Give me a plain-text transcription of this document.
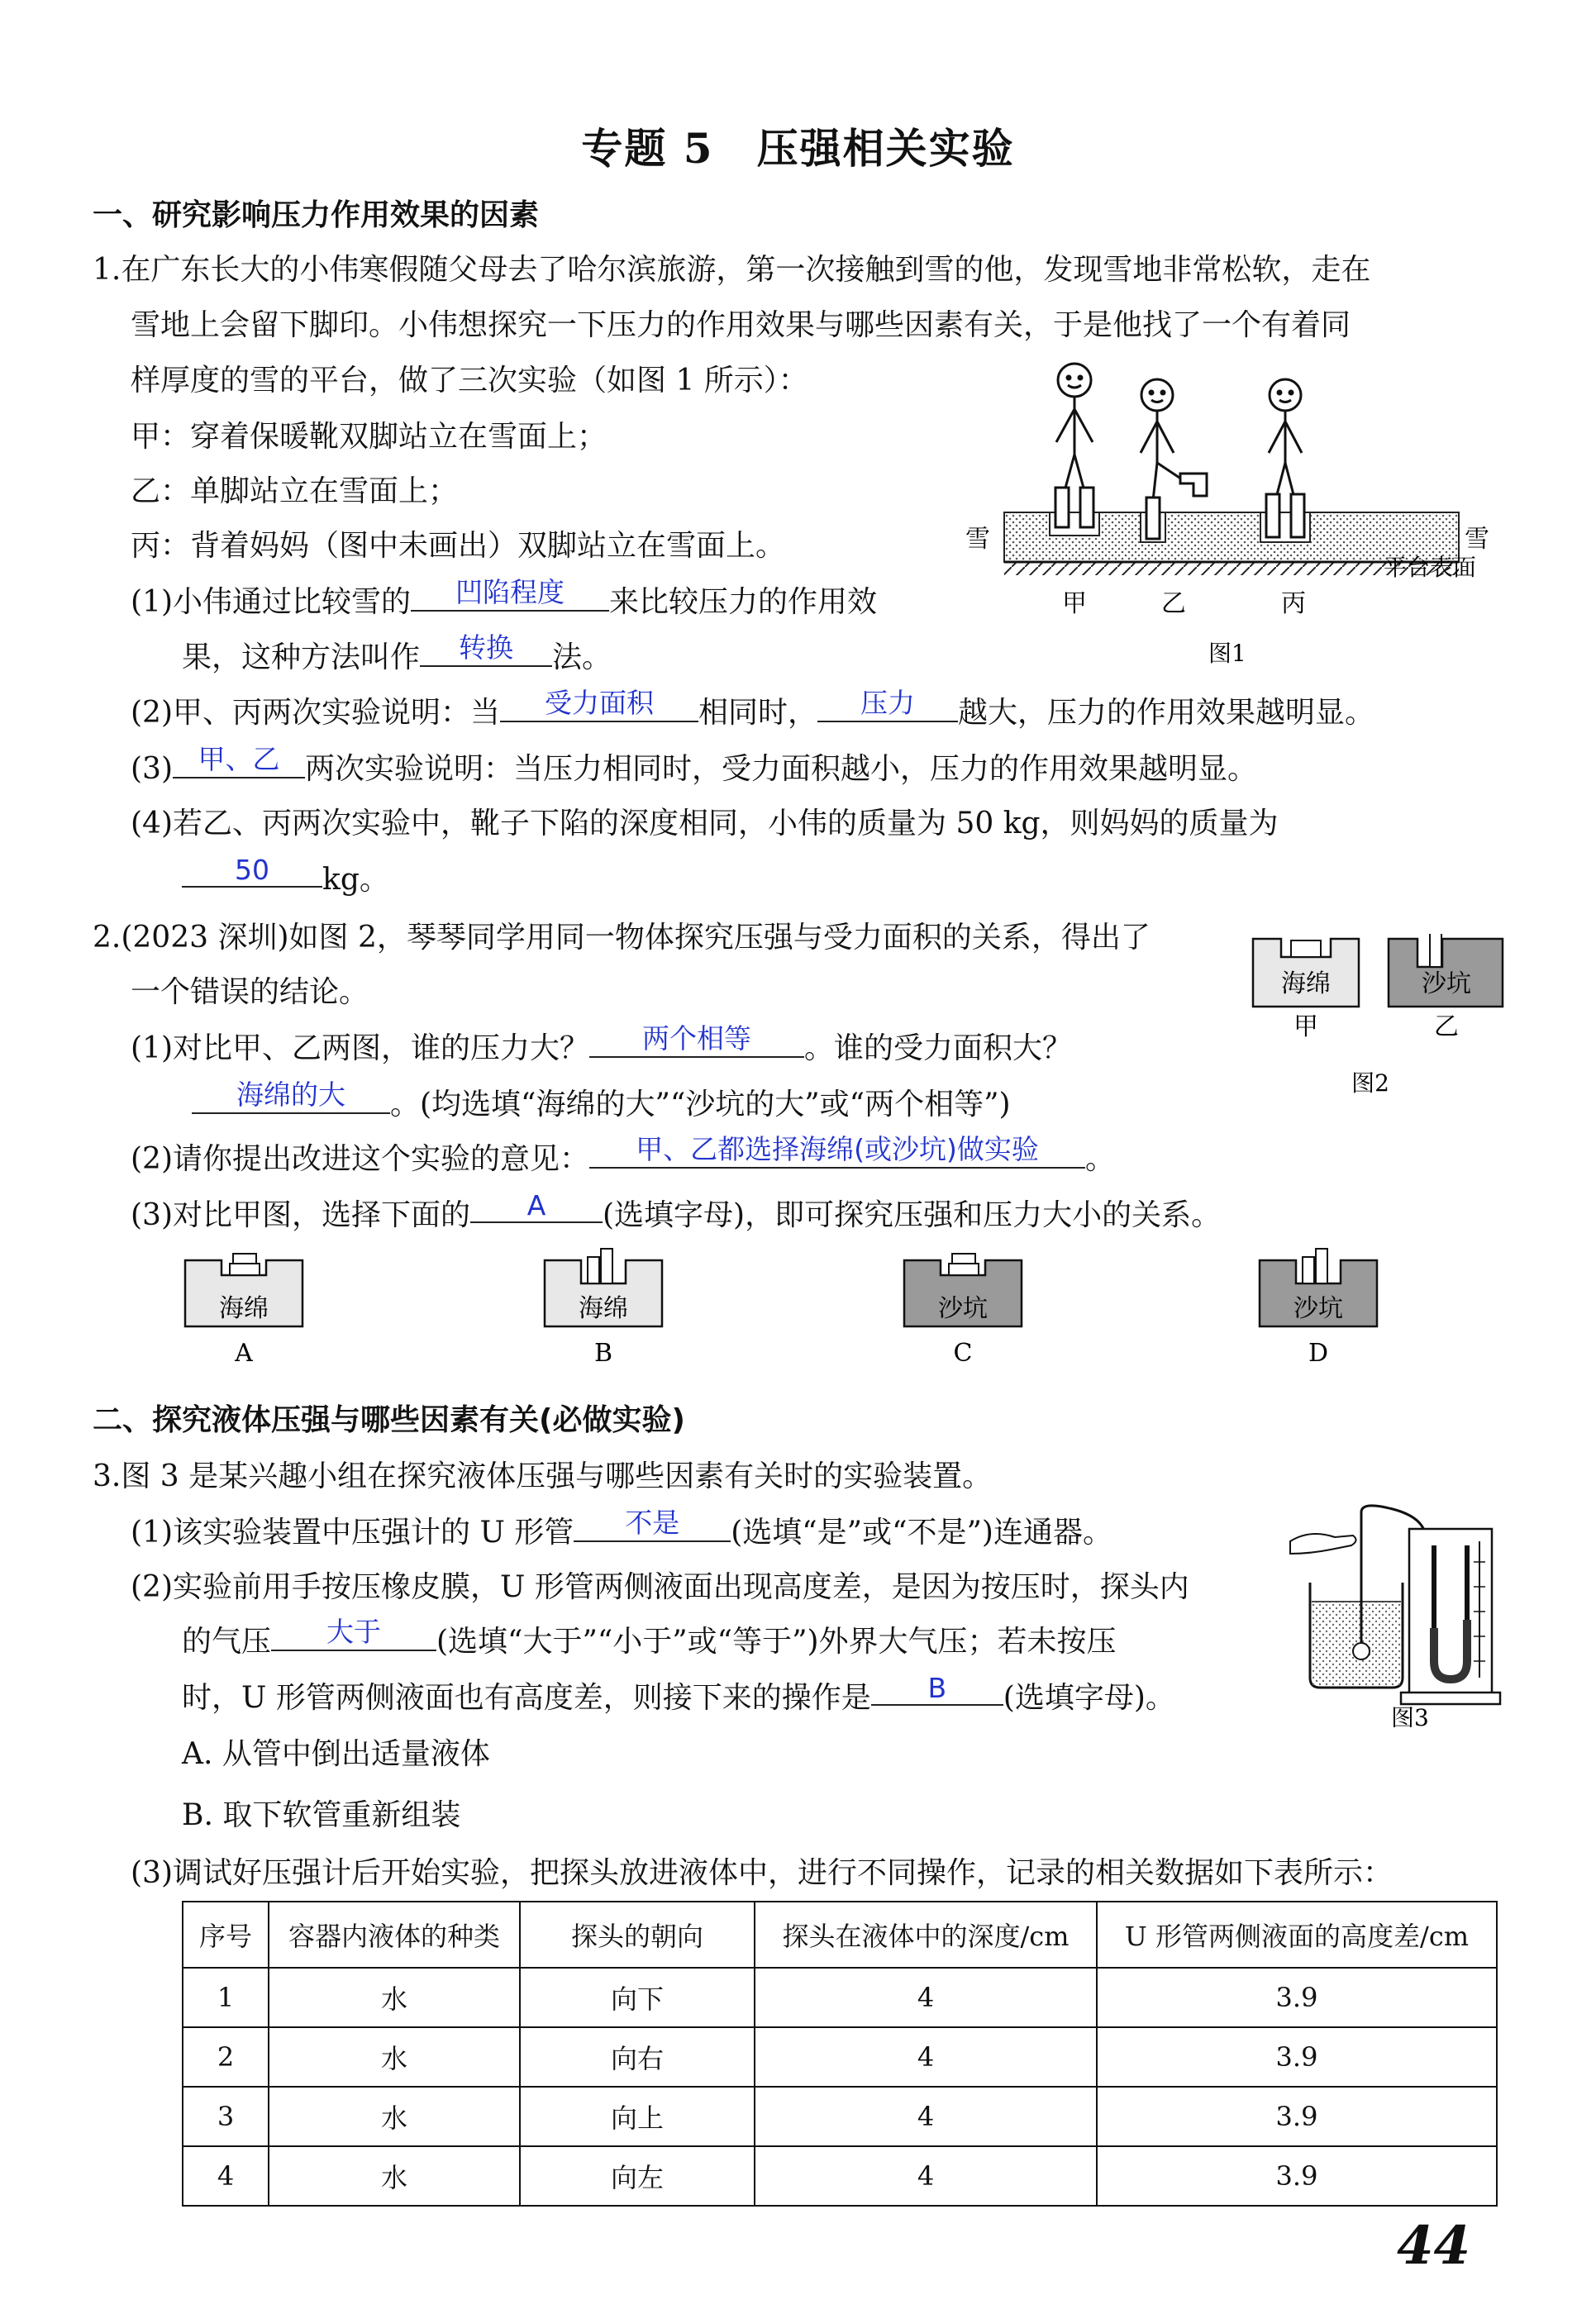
专题 5　压强相关实验
一、研究影响压力作用效果的因素
1.在广东长大的小伟寒假随父母去了哈尔滨旅游，第一次接触到雪的他，发现雪地非常松软，走在
雪地上会留下脚印。小伟想探究一下压力的作用效果与哪些因素有关，于是他找了一个有着同
样厚度的雪的平台，做了三次实验（如图 1 所示）：
甲：穿着保暖靴双脚站立在雪面上；
乙：单脚站立在雪面上；
丙：背着妈妈（图中未画出）双脚站立在雪面上。
(1)小伟通过比较雪的 凹陷程度 来比较压力的作用效
果，这种方法叫作 转换 法。
(2)甲、丙两次实验说明：当 受力面积 相同时， 压力 越大，压力的作用效果越明显。
(3) 甲、乙 两次实验说明：当压力相同时，受力面积越小，压力的作用效果越明显。
(4)若乙、丙两次实验中，靴子下陷的深度相同，小伟的质量为 50 kg，则妈妈的质量为
50 kg。
雪	雪
平台表面
甲	乙	丙
图1
2.(2023 深圳)如图 2，琴琴同学用同一物体探究压强与受力面积的关系，得出了
一个错误的结论。
(1)对比甲、乙两图，谁的压力大？ 两个相等 。谁的受力面积大？
海绵的大 。(均选填“海绵的大”“沙坑的大”或“两个相等”)
(2)请你提出改进这个实验的意见： 甲、乙都选择海绵(或沙坑)做实验 。
(3)对比甲图，选择下面的 A (选填字母)，即可探究压强和压力大小的关系。
海绵	沙坑
甲	乙
图2
海绵
A
海绵
B
沙坑
C
沙坑
D
二、探究液体压强与哪些因素有关(必做实验)
3.图 3 是某兴趣小组在探究液体压强与哪些因素有关时的实验装置。
(1)该实验装置中压强计的 U 形管 不是 (选填“是”或“不是”)连通器。
(2)实验前用手按压橡皮膜，U 形管两侧液面出现高度差，是因为按压时，探头内
的气压 大于 (选填“大于”“小于”或“等于”)外界大气压；若未按压
时，U 形管两侧液面也有高度差，则接下来的操作是 B (选填字母)。
A. 从管中倒出适量液体
B. 取下软管重新组装
(3)调试好压强计后开始实验，把探头放进液体中，进行不同操作，记录的相关数据如下表所示：
图3
序号	容器内液体的种类	探头的朝向	探头在液体中的深度/cm	U 形管两侧液面的高度差/cm
1	水	向下	4	3.9
2	水	向右	4	3.9
3	水	向上	4	3.9
4	水	向左	4	3.9
44
